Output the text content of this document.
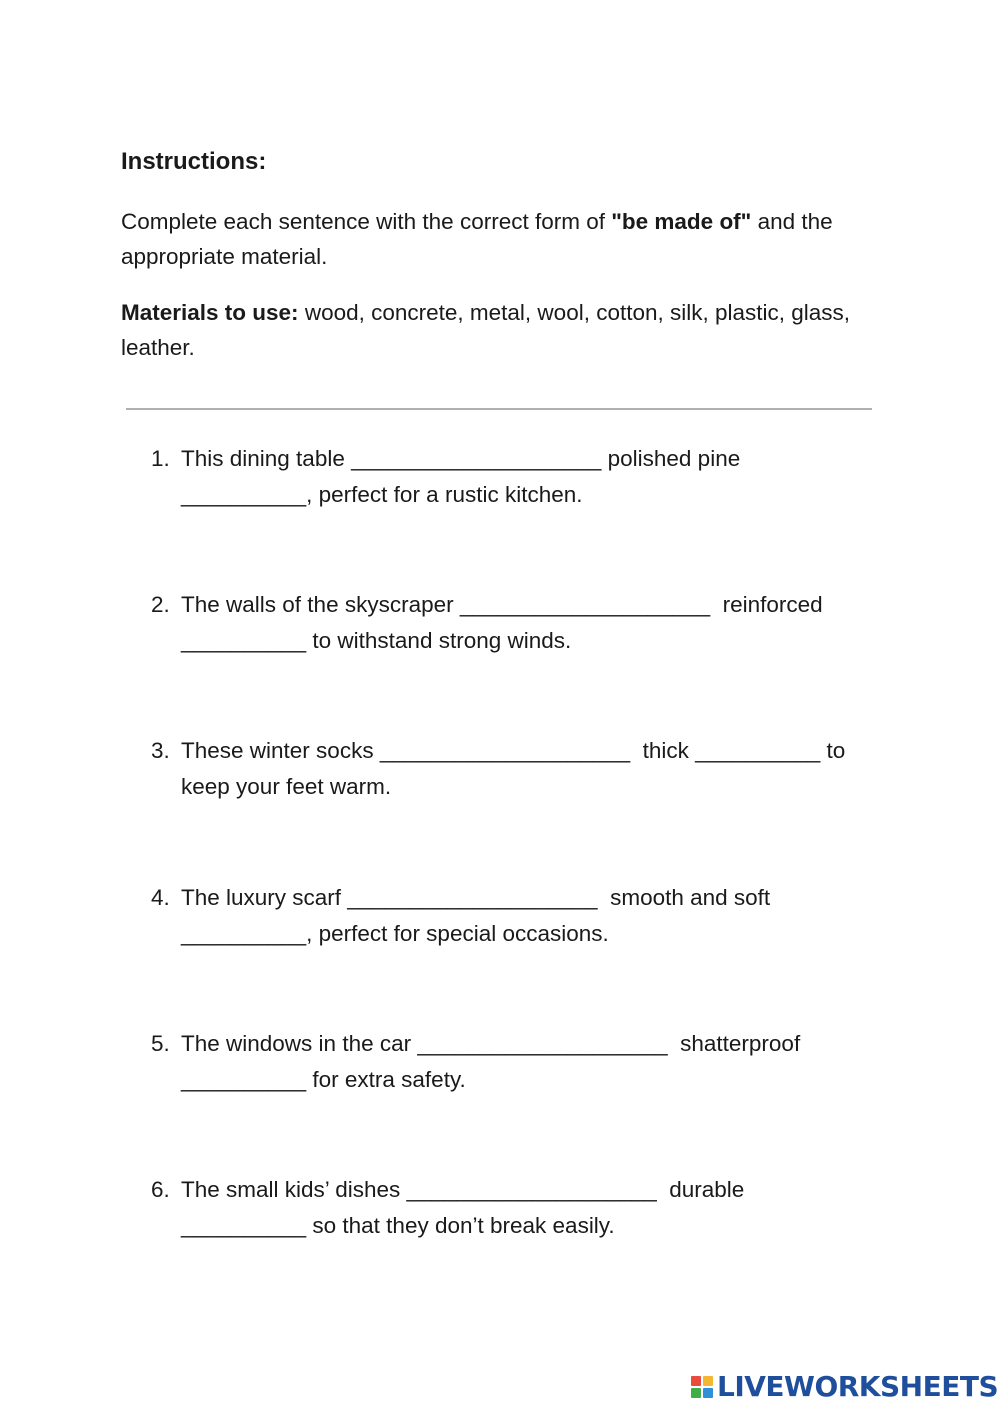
Instructions:

Complete each sentence with the correct form of "be made of" and the appropriate material.

Materials to use: wood, concrete, metal, wool, cotton, silk, plastic, glass, leather.

1. This dining table ____________________ polished pine __________, perfect for a rustic kitchen.
2. The walls of the skyscraper ____________________  reinforced __________ to withstand strong winds.
3. These winter socks ____________________  thick __________ to keep your feet warm.
4. The luxury scarf ____________________  smooth and soft __________, perfect for special occasions.
5. The windows in the car ____________________  shatterproof __________ for extra safety.
6. The small kids’ dishes ____________________  durable __________ so that they don’t break easily.
LIVEWORKSHEETS
